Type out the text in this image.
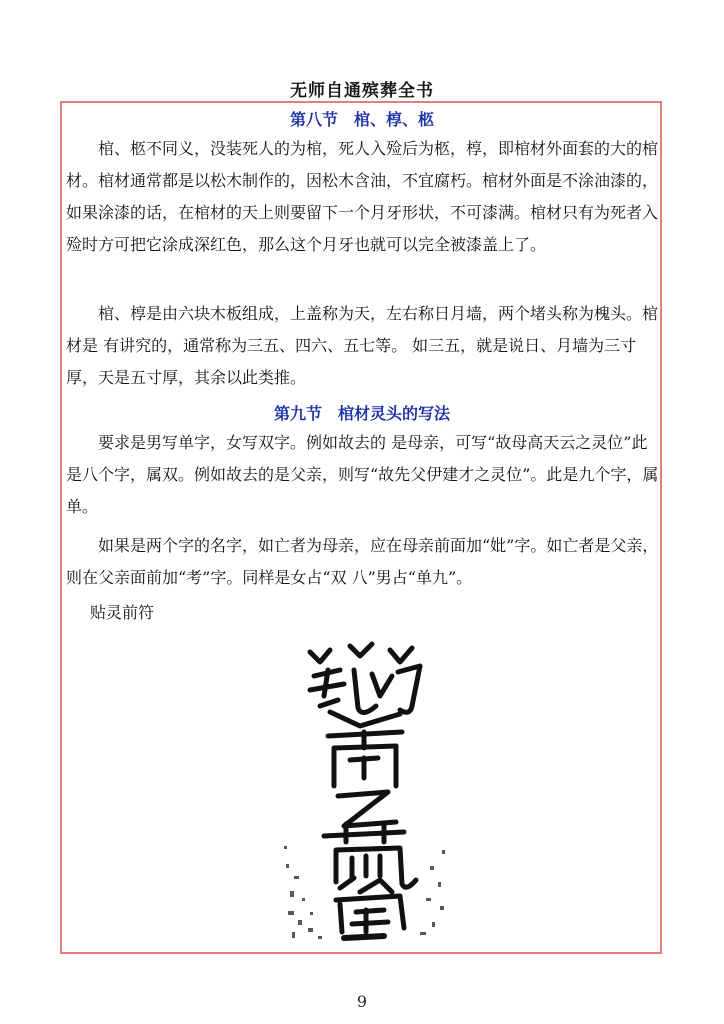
无师自通殡葬全书
第八节　棺、椁、柩

棺、柩不同义，没装死人的为棺，死人入殓后为柩，椁，即棺材外面套的大的棺材。棺材通常都是以松木制作的，因松木含油，不宜腐朽。棺材外面是不涂油漆的，如果涂漆的话，在棺材的天上则要留下一个月牙形状，不可漆满。棺材只有为死者入殓时方可把它涂成深红色，那么这个月牙也就可以完全被漆盖上了。

棺、椁是由六块木板组成，上盖称为天，左右称日月墙，两个堵头称为槐头。棺材是 有讲究的，通常称为三五、四六、五七等。 如三五，就是说日、月墙为三寸厚，天是五寸厚，其余以此类推。

第九节　棺材灵头的写法

要求是男写单字，女写双字。例如故去的 是母亲，可写“故母高天云之灵位”此是八个字，属双。例如故去的是父亲，则写“故先父伊建才之灵位”。此是九个字，属单。

如果是两个字的名字，如亡者为母亲，应在母亲前面加“妣”字。如亡者是父亲， 则在父亲面前加“考”字。同样是女占“双 八”男占“单九”。

贴灵前符
9
